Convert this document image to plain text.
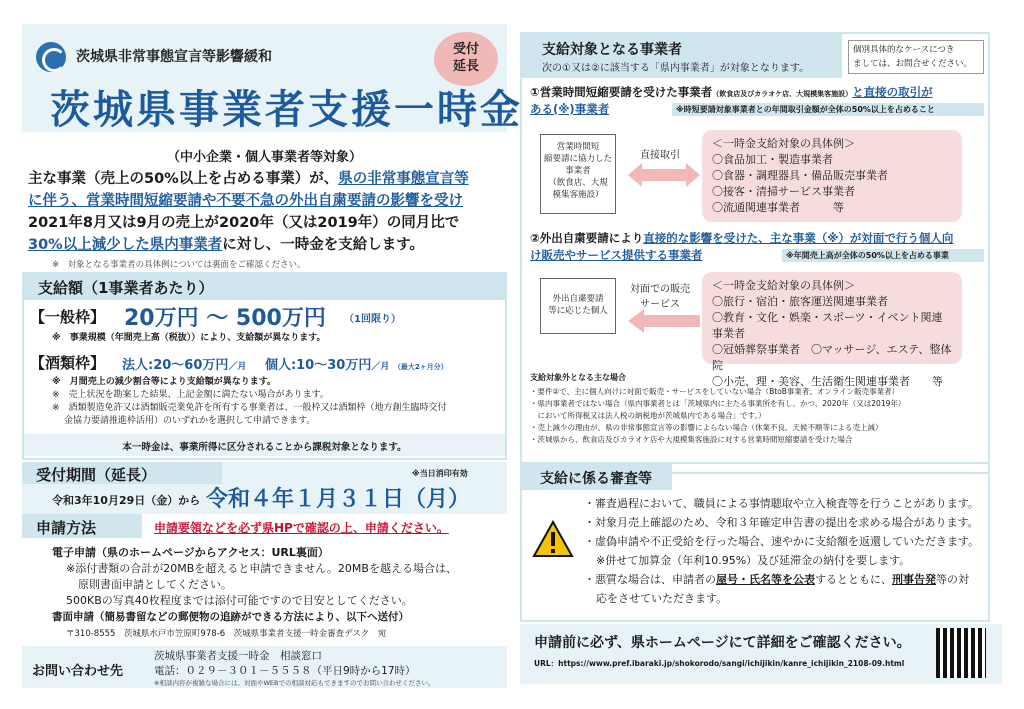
茨城県非常事態宣言等影響緩和	受付
延長
茨城県事業者支援一時金
（中小企業・個人事業者等対象）
主な事業（売上の50%以上を占める事業）が、県の非常事態宣言等
に伴う、営業時間短縮要請や不要不急の外出自粛要請の影響を受け
2021年8月又は9月の売上が2020年（又は2019年）の同月比で
30%以上減少した県内事業者に対し、一時金を支給します。
※　対象となる事業者の具体例については裏面をご確認ください。
支給額（1事業者あたり）
【一般枠】 20万円 ～ 500万円 （1回限り）
※　事業規模（年間売上高（税抜））により、支給額が異なります。
【酒類枠】 法人:20～60万円／月 個人:10～30万円／月 （最大2ヶ月分）
※　月間売上の減少割合等により支給額が異なります。
※　売上状況を勘案した結果、上記金額に満たない場合があります。
※　酒類製造免許又は酒類販売業免許を所有する事業者は、一般枠又は酒類枠（地方創生臨時交付
金協力要請推進枠活用）のいずれかを選択して申請できます。
本一時金は、事業所得に区分されることから課税対象となります。
受付期間（延長）	※当日消印有効
令和3年10月29日（金）から 令和４年１月３１日（月）
申請方法	申請要領などを必ず県HPで確認の上、申請ください。
電子申請（県のホームページからアクセス：URL裏面）
※添付書類の合計が20MBを超えると申請できません。20MBを越える場合は、
原則書面申請としてください。
500KBの写真40枚程度までは添付可能ですので目安としてください。
書面申請（簡易書留などの郵便物の追跡ができる方法により、以下へ送付）
〒310-8555　茨城県水戸市笠原町978-6　茨城県事業者支援一時金審査デスク　宛
お問い合わせ先
茨城県事業者支援一時金　相談窓口
電話：０２９－３０１－５５５８（平日9時から17時）
※相談内容が複雑な場合には、対面やWEBでの相談対応もできますのでお問い合わせください。
支給対象となる事業者
次の①又は②に該当する「県内事業者」が対象となります。
個別具体的なケースにつき
ましては、お問合せください。
①営業時間短縮要請を受けた事業者（飲食店及びカラオケ店、大規模集客施設）と直接の取引が
ある(※)事業者	※時短要請対象事業者との年間取引金額が全体の50%以上を占めること
営業時間短
縮要請に協力した
事業者
（飲食店、大規
模集客施設）
直接取引
＜一時金支給対象の具体例＞
〇食品加工・製造事業者
〇食器・調理器具・備品販売事業者
〇接客・清掃サービス事業者
〇流通関連事業者　　　等
②外出自粛要請により直接的な影響を受けた、主な事業（※）が対面で行う個人向
け販売やサービス提供する事業者	※年間売上高が全体の50%以上を占める事業
外出自粛要請
等に応じた個人
対面での販売
サービス
＜一時金支給対象の具体例＞
〇旅行・宿泊・旅客運送関連事業者
〇教育・文化・娯楽・スポーツ・イベント関連事業者
〇冠婚葬祭事業者　〇マッサージ、エステ、整体院
〇小売、理・美容、生活衛生関連事業者　　等
支給対象外となる主な場合
・要件②で、主に個人向けに対面で販売・サービスをしていない場合（BtoB事業者、オンライン販売事業者）
・県内事業者ではない場合（県内事業者とは「茨城県内に主たる事業所を有し、かつ、2020年（又は2019年）
　において所得税又は法人税の納税地が茨城県内である場合」です。）
・売上減少の理由が、県の非常事態宣言等の影響によらない場合（休業不良、天候不順等による売上減）
・茨城県から、飲食店及びカラオケ店や大規模集客施設に対する営業時間短縮要請を受けた場合
支給に係る審査等
・審査過程において、職員による事情聴取や立入検査等を行うことがあります。
・対象月売上確認のため、令和３年確定申告書の提出を求める場合があります。
・虚偽申請や不正受給を行った場合、速やかに支給額を返還していただきます。
※併せて加算金（年利10.95%）及び延滞金の納付を要します。
・悪質な場合は、申請者の屋号・氏名等を公表するとともに、刑事告発等の対
応をさせていただきます。
申請前に必ず、県ホームページにて詳細をご確認ください。
URL：https://www.pref.ibaraki.jp/shokorodo/sangi/ichijikin/kanre_ichijikin_2108-09.html
